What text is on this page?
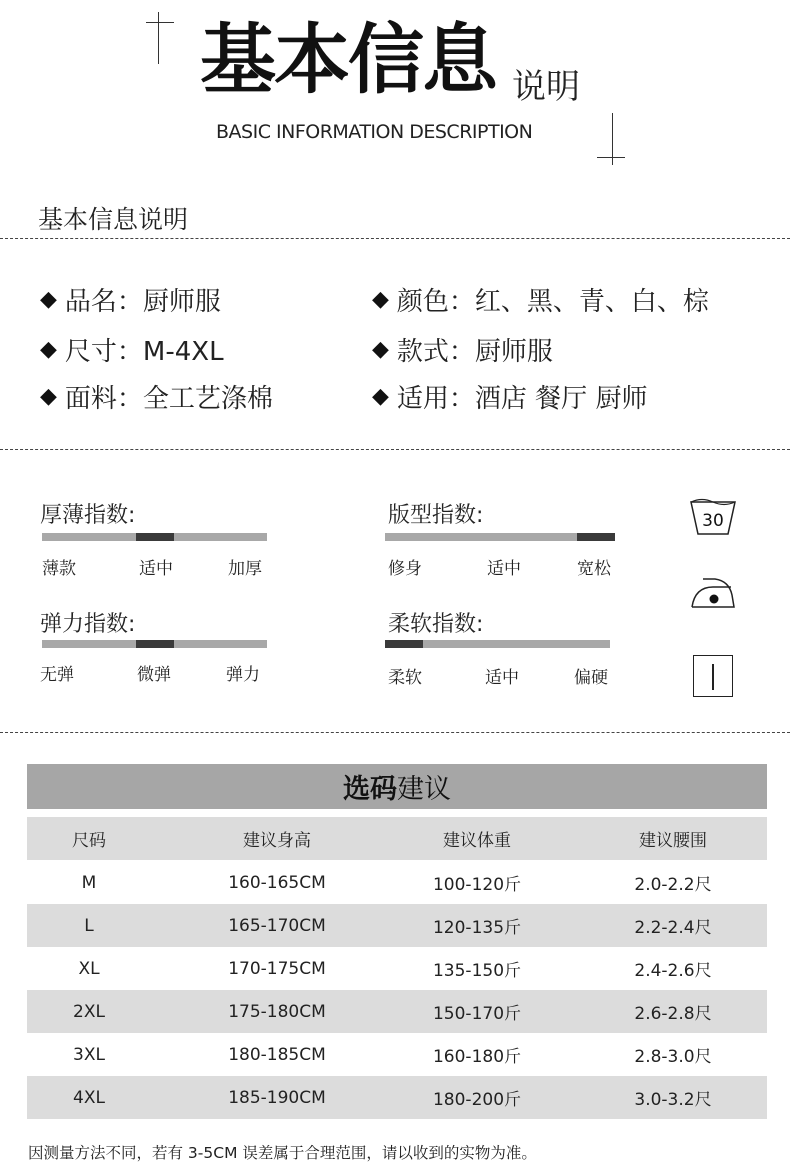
基本信息 说明
BASIC INFORMATION DESCRIPTION
基本信息说明
◆ 品名：厨师服
◆ 尺寸：M-4XL
◆ 面料：全工艺涤棉
◆ 颜色：红、黑、青、白、棕
◆ 款式：厨师服
◆ 适用：酒店 餐厅 厨师
厚薄指数:
薄款	适中	加厚
版型指数:
修身	适中	宽松
弹力指数:
无弹	微弹	弹力
柔软指数:
柔软	适中	偏硬
30
选码 建议
尺码	建议身高	建议体重	建议腰围
M	160-165CM	100-120斤	2.0-2.2尺
L	165-170CM	120-135斤	2.2-2.4尺
XL	170-175CM	135-150斤	2.4-2.6尺
2XL	175-180CM	150-170斤	2.6-2.8尺
3XL	180-185CM	160-180斤	2.8-3.0尺
4XL	185-190CM	180-200斤	3.0-3.2尺
因测量方法不同，若有 3-5CM 误差属于合理范围，请以收到的实物为准。
